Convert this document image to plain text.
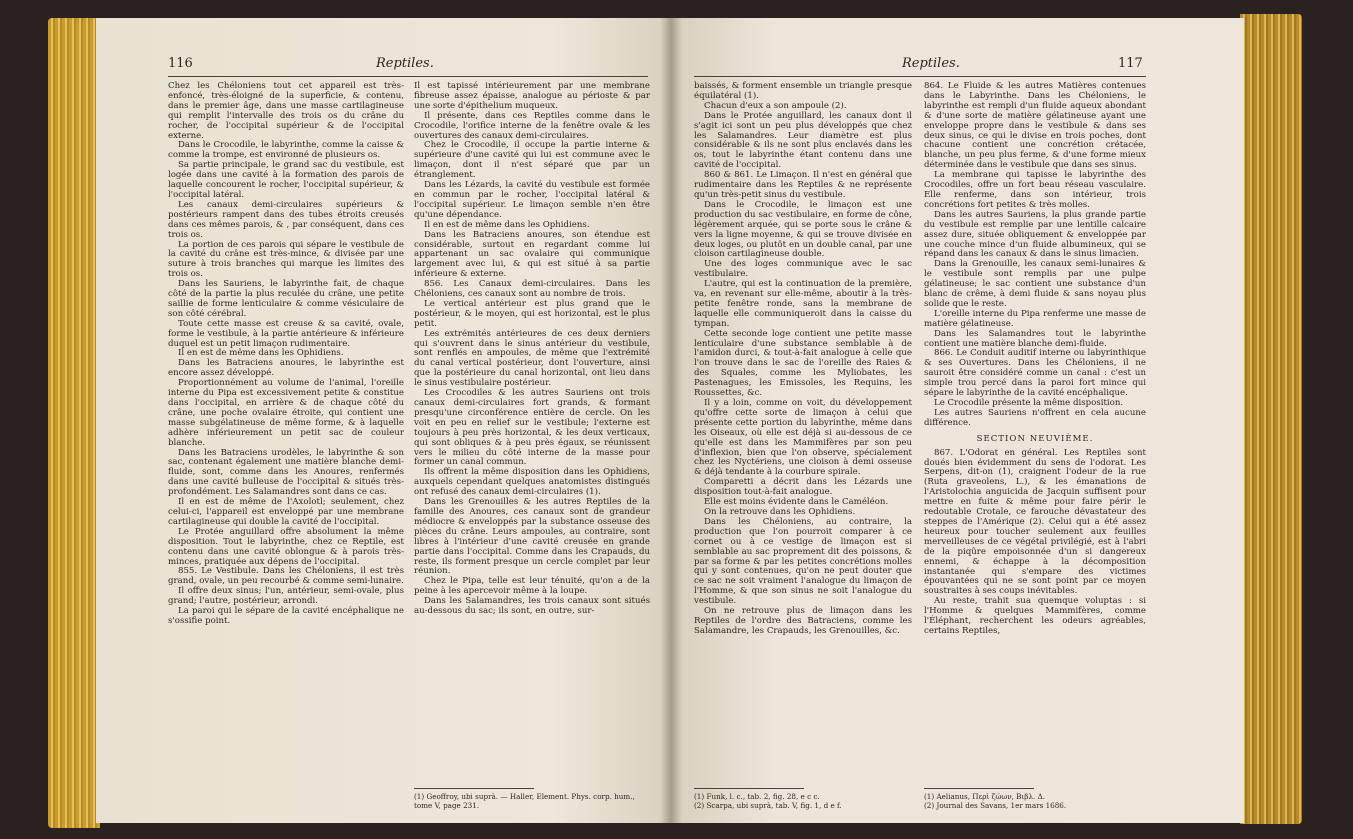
116	Reptiles.

Chez les Chéloniens tout cet appareil est très-enfoncé, très-éloigné de la superficie, & contenu, dans le premier âge, dans une masse cartilagineuse qui remplit l'intervalle des trois os du crâne du rocher, de l'occipital supérieur & de l'occipital externe.

Dans le Crocodile, le labyrinthe, comme la caisse & comme la trompe, est environné de plusieurs os.

Sa partie principale, le grand sac du vestibule, est logée dans une cavité à la formation des parois de laquelle concourent le rocher, l'occipital supérieur, & l'occipital latéral.

Les canaux demi-circulaires supérieurs & postérieurs rampent dans des tubes étroits creusés dans ces mêmes parois, & , par conséquent, dans ces trois os.

La portion de ces parois qui sépare le vestibule de la cavité du crâne est très-mince, & divisée par une suture à trois branches qui marque les limites des trois os.

Dans les Sauriens, le labyrinthe fait, de chaque côté de la partie la plus reculée du crâne, une petite saillie de forme lenticulaire & comme vésiculaire de son côté cérébral.

Toute cette masse est creuse & sa cavité, ovale, forme le vestibule, à la partie antérieure & inférieure duquel est un petit limaçon rudimentaire.

Il en est de même dans les Ophidiens.

Dans les Batraciens anoures, le labyrinthe est encore assez développé.

Proportionnément au volume de l'animal, l'oreille interne du Pipa est excessivement petite & constitue dans l'occipital, en arrière & de chaque côté du crâne, une poche ovalaire étroite, qui contient une masse subgélatineuse de même forme, & à laquelle adhère inférieurement un petit sac de couleur blanche.

Dans les Batraciens urodèles, le labyrinthe & son sac, contenant également une matière blanche demi-fluide, sont, comme dans les Anoures, renfermés dans une cavité bulleuse de l'occipital & situés très-profondément. Les Salamandres sont dans ce cas.

Il en est de même de l'Axolotl; seulement, chez celui-ci, l'appareil est enveloppé par une membrane cartilagineuse qui double la cavité de l'occipital.

Le Protée anguillard offre absolument la même disposition. Tout le labyrinthe, chez ce Reptile, est contenu dans une cavité oblongue & à parois très-minces, pratiquée aux dépens de l'occipital.

855. Le Vestibule. Dans les Chéloniens, il est très grand, ovale, un peu recourbé & comme semi-lunaire.

Il offre deux sinus; l'un, antérieur, semi-ovale, plus grand; l'autre, postérieur, arrondi.

La paroi qui le sépare de la cavité encéphalique ne s'ossifie point.

Il est tapissé intérieurement par une membrane fibreuse assez épaisse, analogue au périoste & par une sorte d'épithelium muqueux.

Il présente, dans ces Reptiles comme dans le Crocodile, l'orifice interne de la fenêtre ovale & les ouvertures des canaux demi-circulaires.

Chez le Crocodile, il occupe la partie interne & supérieure d'une cavité qui lui est commune avec le limaçon, dont il n'est séparé que par un étranglement.

Dans les Lézards, la cavité du vestibule est formée en commun par le rocher, l'occipital latéral & l'occipital supérieur. Le limaçon semble n'en être qu'une dépendance.

Il en est de même dans les Ophidiens.

Dans les Batraciens anoures, son étendue est considérable, surtout en regardant comme lui appartenant un sac ovalaire qui communique largement avec lui, & qui est situé à sa partie inférieure & externe.

856. Les Canaux demi-circulaires. Dans les Chéloniens, ces canaux sont au nombre de trois.

Le vertical antérieur est plus grand que le postérieur, & le moyen, qui est horizontal, est le plus petit.

Les extrémités antérieures de ces deux derniers qui s'ouvrent dans le sinus antérieur du vestibule, sont renflés en ampoules, de même que l'extrémité du canal vertical postérieur, dont l'ouverture, ainsi que la postérieure du canal horizontal, ont lieu dans le sinus vestibulaire postérieur.

Les Crocodiles & les autres Sauriens ont trois canaux demi-circulaires fort grands, & formant presqu'une circonférence entière de cercle. On les voit en peu en relief sur le vestibule; l'externe est toujours à peu près horizontal, & les deux verticaux, qui sont obliques & à peu près égaux, se réunissent vers le milieu du côté interne de la masse pour former un canal commun.

Ils offrent la même disposition dans les Ophidiens, auxquels cependant quelques anatomistes distingués ont refusé des canaux demi-circulaires (1).

Dans les Grenouilles & les autres Reptiles de la famille des Anoures, ces canaux sont de grandeur médiocre & enveloppés par la substance osseuse des pièces du crâne. Leurs ampoules, au contraire, sont libres à l'intérieur d'une cavité creusée en grande partie dans l'occipital. Comme dans les Crapauds, du reste, ils forment presque un cercle complet par leur réunion.

Chez le Pipa, telle est leur ténuité, qu'on a de la peine à les apercevoir même à la loupe.

Dans les Salamandres, les trois canaux sont situés au-dessous du sac; ils sont, en outre, sur-

(1) Geoffroy, ubi suprà. — Haller, Element. Phys. corp. hum., tome V, page 231.
Reptiles.	117

baissés, & forment ensemble un triangle presque équilatéral (1).

Chacun d'eux a son ampoule (2).

Dans le Protée anguillard, les canaux dont il s'agit ici sont un peu plus développés que chez les Salamandres. Leur diamètre est plus considérable & ils ne sont plus enclavés dans les os, tout le labyrinthe étant contenu dans une cavité de l'occipital.

860 & 861. Le Limaçon. Il n'est en général que rudimentaire dans les Reptiles & ne représente qu'un très-petit sinus du vestibule.

Dans le Crocodile, le limaçon est une production du sac vestibulaire, en forme de cône, légèrement arquée, qui se porte sous le crâne & vers la ligne moyenne, & qui se trouve divisée en deux loges, ou plutôt en un double canal, par une cloison cartilagineuse double.

Une des loges communique avec le sac vestibulaire.

L'autre, qui est la continuation de la première, va, en revenant sur elle-même, aboutir à la très-petite fenêtre ronde, sans la membrane de laquelle elle communiqueroit dans la caisse du tympan.

Cette seconde loge contient une petite masse lenticulaire d'une substance semblable à de l'amidon durci, & tout-à-fait analogue à celle que l'on trouve dans le sac de l'oreille des Raies & des Squales, comme les Myliobates, les Pastenagues, les Emissoles, les Requins, les Roussettes, &c.

Il y a loin, comme on voit, du développement qu'offre cette sorte de limaçon à celui que présente cette portion du labyrinthe, même dans les Oiseaux, où elle est déjà si au-dessous de ce qu'elle est dans les Mammifères par son peu d'inflexion, bien que l'on observe, spécialement chez les Nyctériens, une cloison à demi osseuse & déjà tendante à la courbure spirale.

Comparetti a décrit dans les Lézards une disposition tout-à-fait analogue.

Elle est moins évidente dans le Caméléon.

On la retrouve dans les Ophidiens.

Dans les Chéloniens, au contraire, la production que l'on pourroit comparer à ce cornet ou à ce vestige de limaçon est si semblable au sac proprement dit des poissons, & par sa forme & par les petites concrétions molles qui y sont contenues, qu'on ne peut douter que ce sac ne soit vraiment l'analogue du limaçon de l'Homme, & que son sinus ne soit l'analogue du vestibule.

On ne retrouve plus de limaçon dans les Reptiles de l'ordre des Batraciens, comme les Salamandre, les Crapauds, les Grenouilles, &c.

864. Le Fluide & les autres Matières contenues dans le Labyrinthe. Dans les Chéloniens, le labyrinthe est rempli d'un fluide aqueux abondant & d'une sorte de matière gélatineuse ayant une enveloppe propre dans le vestibule & dans ses deux sinus, ce qui le divise en trois poches, dont chacune contient une concrétion crétacée, blanche, un peu plus ferme, & d'une forme mieux déterminée dans le vestibule que dans ses sinus.

La membrane qui tapisse le labyrinthe des Crocodiles, offre un fort beau réseau vasculaire. Elle renferme, dans son intérieur, trois concrétions fort petites & très molles.

Dans les autres Sauriens, la plus grande partie du vestibule est remplie par une lentille calcaire assez dure, située obliquement & enveloppée par une couche mince d'un fluide albumineux, qui se répand dans les canaux & dans le sinus limacien.

Dans la Grenouille, les canaux semi-lunaires & le vestibule sont remplis par une pulpe gélatineuse; le sac contient une substance d'un blanc de crême, à demi fluide & sans noyau plus solide que le reste.

L'oreille interne du Pipa renferme une masse de matière gélatineuse.

Dans les Salamandres tout le labyrinthe contient une matière blanche demi-fluide.

866. Le Conduit auditif interne ou labyrinthique & ses Ouvertures. Dans les Chéloniens, il ne sauroit être considéré comme un canal : c'est un simple trou percé dans la paroi fort mince qui sépare le labyrinthe de la cavité encéphalique.

Le Crocodile présente la même disposition.

Les autres Sauriens n'offrent en cela aucune différence.

SECTION NEUVIÈME.

867. L'Odorat en général. Les Reptiles sont doués bien évidemment du sens de l'odorat. Les Serpens, dit-on (1), craignent l'odeur de la rue (Ruta graveolens, L.), & les émanations de l'Aristolochia anguicida de Jacquin suffisent pour mettre en fuite & même pour faire périr le redoutable Crotale, ce farouche dévastateur des steppes de l'Amérique (2). Celui qui a été assez heureux pour toucher seulement aux feuilles merveilleuses de ce végétal privilégié, est à l'abri de la piqûre empoisonnée d'un si dangereux ennemi, & échappe à la décomposition instantanée qui s'empare des victimes épouvantées qui ne se sont point par ce moyen soustraites à ses coups inévitables.

Au reste, trahit sua quemque voluptas : si l'Homme & quelques Mammifères, comme l'Éléphant, recherchent les odeurs agréables, certains Reptiles,

(1) Funk, l. c., tab. 2, fig. 28, e c c.
(2) Scarpa, ubi suprà, tab. V, fig. 1, d e f.
(1) Aelianus, Περὶ ζώων, Βιβλ. Δ.
(2) Journal des Savans, 1er mars 1686.
